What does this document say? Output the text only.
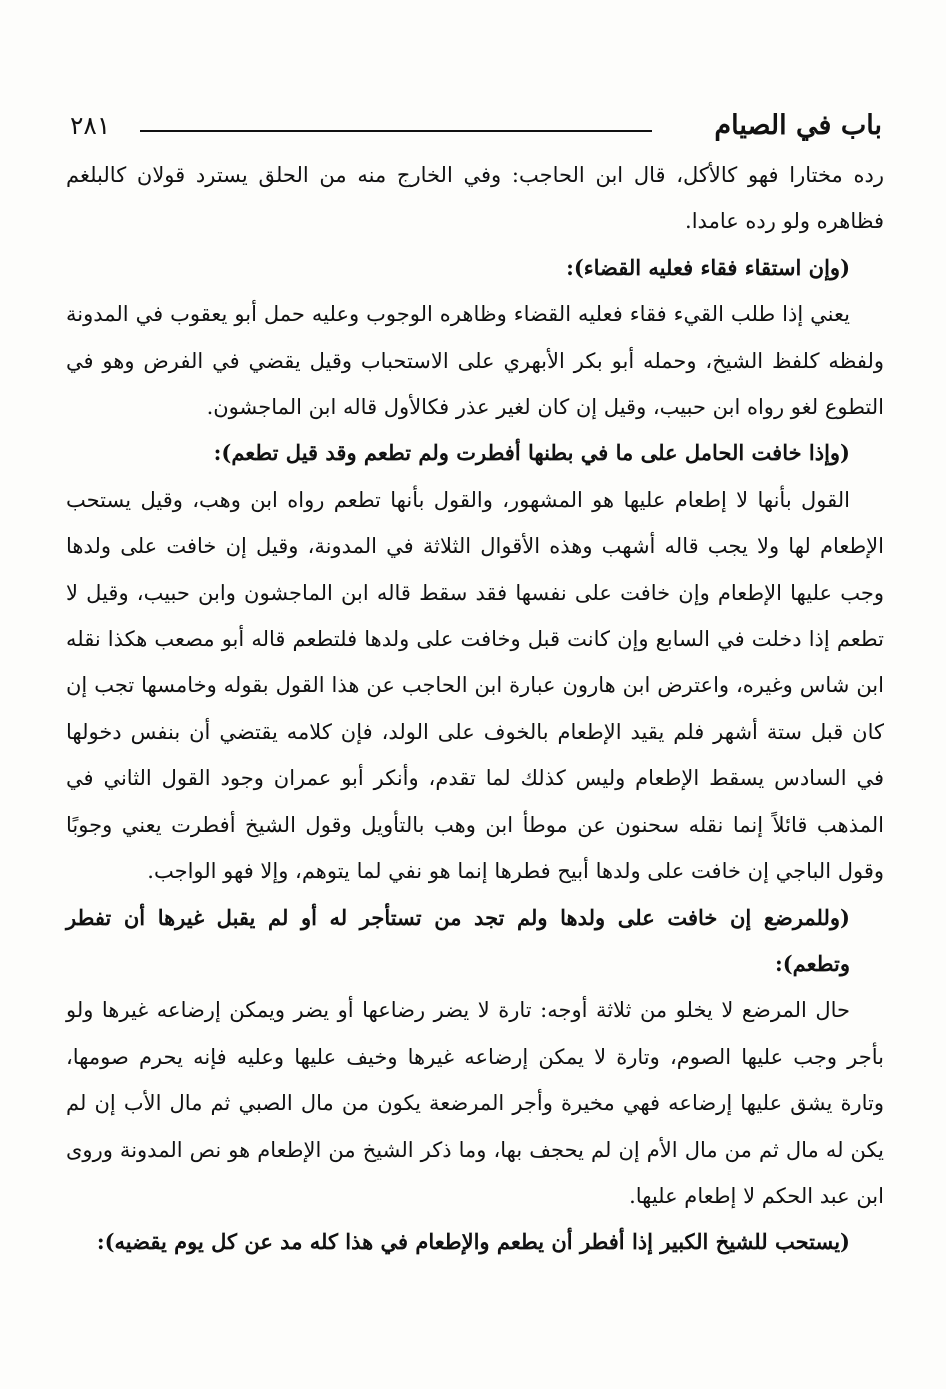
باب في الصيام
٢٨١

رده مختارا فهو كالأكل، قال ابن الحاجب: وفي الخارج منه من الحلق يسترد قولان كالبلغم فظاهره ولو رده عامدا.

(وإن استقاء فقاء فعليه القضاء):

يعني إذا طلب القيء فقاء فعليه القضاء وظاهره الوجوب وعليه حمل أبو يعقوب في المدونة ولفظه كلفظ الشيخ، وحمله أبو بكر الأبهري على الاستحباب وقيل يقضي في الفرض وهو في التطوع لغو رواه ابن حبيب، وقيل إن كان لغير عذر فكالأول قاله ابن الماجشون.

(وإذا خافت الحامل على ما في بطنها أفطرت ولم تطعم وقد قيل تطعم):

القول بأنها لا إطعام عليها هو المشهور، والقول بأنها تطعم رواه ابن وهب، وقيل يستحب الإطعام لها ولا يجب قاله أشهب وهذه الأقوال الثلاثة في المدونة، وقيل إن خافت على ولدها وجب عليها الإطعام وإن خافت على نفسها فقد سقط قاله ابن الماجشون وابن حبيب، وقيل لا تطعم إذا دخلت في السابع وإن كانت قبل وخافت على ولدها فلتطعم قاله أبو مصعب هكذا نقله ابن شاس وغيره، واعترض ابن هارون عبارة ابن الحاجب عن هذا القول بقوله وخامسها تجب إن كان قبل ستة أشهر فلم يقيد الإطعام بالخوف على الولد، فإن كلامه يقتضي أن بنفس دخولها في السادس يسقط الإطعام وليس كذلك لما تقدم، وأنكر أبو عمران وجود القول الثاني في المذهب قائلاً إنما نقله سحنون عن موطأ ابن وهب بالتأويل وقول الشيخ أفطرت يعني وجوبًا وقول الباجي إن خافت على ولدها أبيح فطرها إنما هو نفي لما يتوهم، وإلا فهو الواجب.

(وللمرضع إن خافت على ولدها ولم تجد من تستأجر له أو لم يقبل غيرها أن تفطر وتطعم):

حال المرضع لا يخلو من ثلاثة أوجه: تارة لا يضر رضاعها أو يضر ويمكن إرضاعه غيرها ولو بأجر وجب عليها الصوم، وتارة لا يمكن إرضاعه غيرها وخيف عليها وعليه فإنه يحرم صومها، وتارة يشق عليها إرضاعه فهي مخيرة وأجر المرضعة يكون من مال الصبي ثم مال الأب إن لم يكن له مال ثم من مال الأم إن لم يحجف بها، وما ذكر الشيخ من الإطعام هو نص المدونة وروى ابن عبد الحكم لا إطعام عليها.

(يستحب للشيخ الكبير إذا أفطر أن يطعم والإطعام في هذا كله مد عن كل يوم يقضيه):
